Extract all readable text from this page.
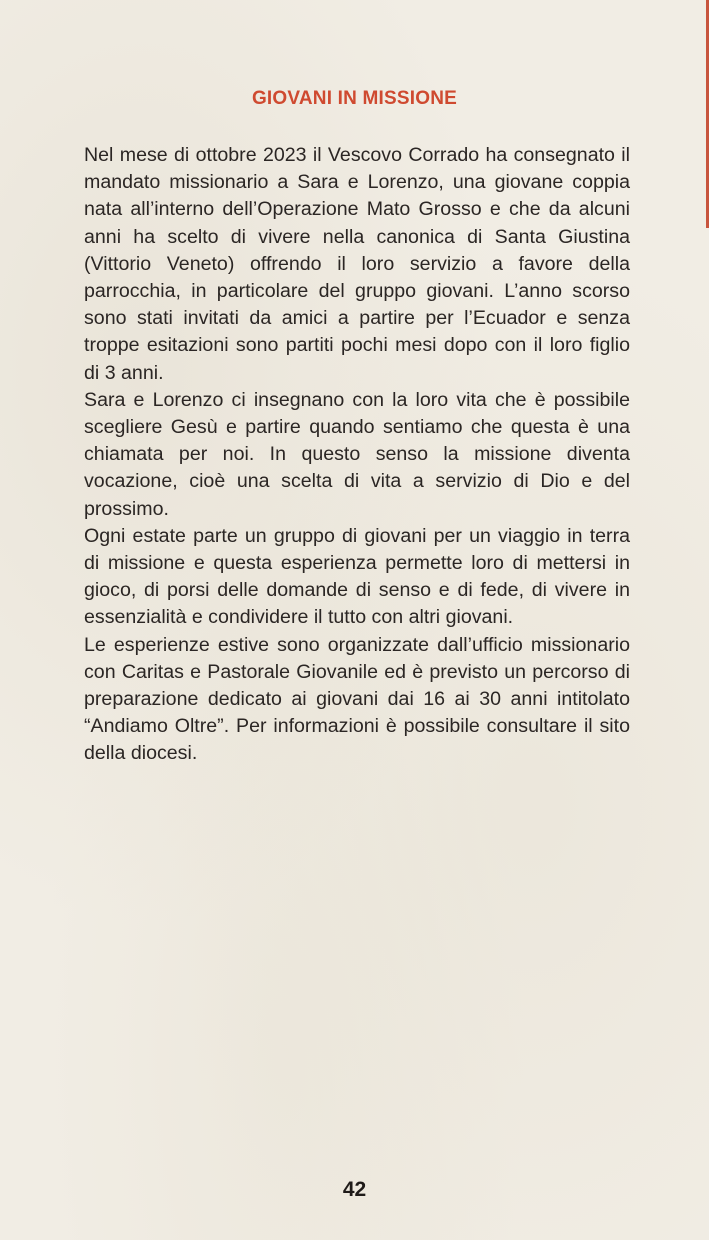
GIOVANI IN MISSIONE

Nel mese di ottobre 2023 il Vescovo Corrado ha consegnato il mandato missionario a Sara e Lorenzo, una giovane coppia nata all’interno dell’Operazione Mato Grosso e che da alcuni anni ha scelto di vivere nella canonica di Santa Giustina (Vittorio Veneto) offrendo il loro servizio a favore della parrocchia, in particolare del gruppo giovani. L’anno scorso sono stati invitati da amici a partire per l’Ecuador e senza troppe esitazioni sono partiti pochi mesi dopo con il loro figlio di 3 anni.

Sara e Lorenzo ci insegnano con la loro vita che è possibile scegliere Gesù e partire quando sentiamo che questa è una chiamata per noi. In questo senso la missione diventa vocazione, cioè una scelta di vita a servizio di Dio e del prossimo.

Ogni estate parte un gruppo di giovani per un viaggio in terra di missione e questa esperienza permette loro di mettersi in gioco, di porsi delle domande di senso e di fede, di vivere in essenzialità e condividere il tutto con altri giovani.

Le esperienze estive sono organizzate dall’ufficio missionario con Caritas e Pastorale Giovanile ed è previsto un percorso di preparazione dedicato ai giovani dai 16 ai 30 anni intitolato “Andiamo Oltre”. Per informazioni è possibile consultare il sito della diocesi.

42
